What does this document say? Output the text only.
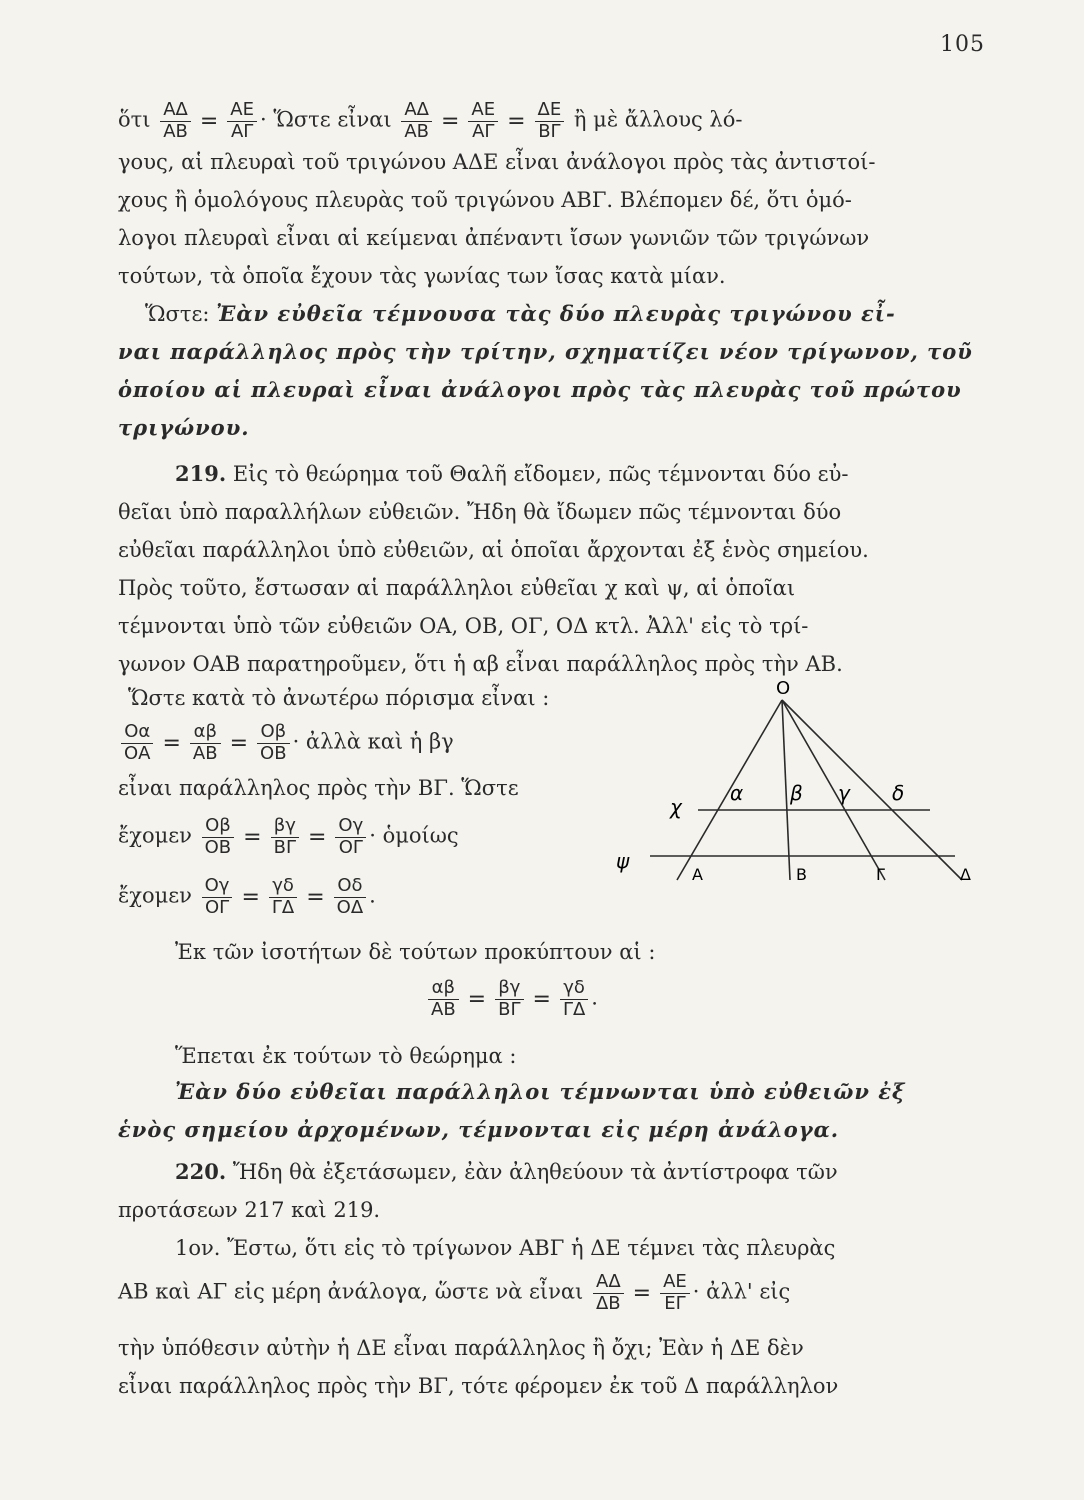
105
ὅτι $\frac{A\Delta}{AB} = \frac{AE}{A\Gamma}$ · Ὥστε εἶναι $\frac{A\Delta}{AB} = \frac{AE}{A\Gamma} = \frac{\Delta E}{B\Gamma}$ ἢ μὲ ἄλλους λό-
γους, αἱ πλευραὶ τοῦ τριγώνου ΑΔΕ εἶναι ἀνάλογοι πρὸς τὰς ἀντιστοί-
χους ἢ ὁμολόγους πλευρὰς τοῦ τριγώνου ΑΒΓ. Βλέπομεν δέ, ὅτι ὁμό-
λογοι πλευραὶ εἶναι αἱ κείμεναι ἀπέναντι ἴσων γωνιῶν τῶν τριγώνων
τούτων, τὰ ὁποῖα ἔχουν τὰς γωνίας των ἴσας κατὰ μίαν.
Ὥστε: Ἐὰν εὐθεῖα τέμνουσα τὰς δύο πλευρὰς τριγώνου εἶ-
ναι παράλληλος πρὸς τὴν τρίτην, σχηματίζει νέον τρίγωνον, τοῦ
ὁποίου αἱ πλευραὶ εἶναι ἀνάλογοι πρὸς τὰς πλευρὰς τοῦ πρώτου
τριγώνου.
219. Εἰς τὸ θεώρημα τοῦ Θαλῆ εἴδομεν, πῶς τέμνονται δύο εὐ-
θεῖαι ὑπὸ παραλλήλων εὐθειῶν. Ἤδη θὰ ἴδωμεν πῶς τέμνονται δύο
εὐθεῖαι παράλληλοι ὑπὸ εὐθειῶν, αἱ ὁποῖαι ἄρχονται ἐξ ἑνὸς σημείου.
Πρὸς τοῦτο, ἔστωσαν αἱ παράλληλοι εὐθεῖαι χ καὶ ψ, αἱ ὁποῖαι
τέμνονται ὑπὸ τῶν εὐθειῶν ΟΑ, ΟΒ, ΟΓ, ΟΔ κτλ. Ἀλλ' εἰς τὸ τρί-
γωνον ΟΑΒ παρατηροῦμεν, ὅτι ἡ αβ εἶναι παράλληλος πρὸς τὴν ΑΒ.
Ὥστε κατὰ τὸ ἀνωτέρω πόρισμα εἶναι :
$\frac{O\alpha}{OA} = \frac{\alpha\beta}{AB} = \frac{O\beta}{OB}$ · ἀλλὰ καὶ ἡ βγ
εἶναι παράλληλος πρὸς τὴν ΒΓ. Ὥστε
ἔχομεν $\frac{O\beta}{OB} = \frac{\beta\gamma}{B\Gamma} = \frac{O\gamma}{O\Gamma}$ · ὁμοίως
ἔχομεν $\frac{O\gamma}{O\Gamma} = \frac{\gamma\delta}{\Gamma\Delta} = \frac{O\delta}{O\Delta}$ .
Ἐκ τῶν ἰσοτήτων δὲ τούτων προκύπτουν αἱ :
$\frac{\alpha\beta}{AB} = \frac{\beta\gamma}{B\Gamma} = \frac{\gamma\delta}{\Gamma\Delta}$ .
Ἕπεται ἐκ τούτων τὸ θεώρημα :
Ἐὰν δύο εὐθεῖαι παράλληλοι τέμνωνται ὑπὸ εὐθειῶν ἐξ
ἑνὸς σημείου ἀρχομένων, τέμνονται εἰς μέρη ἀνάλογα.
220. Ἤδη θὰ ἐξετάσωμεν, ἐὰν ἀληθεύουν τὰ ἀντίστροφα τῶν
προτάσεων 217 καὶ 219.
1ον. Ἔστω, ὅτι εἰς τὸ τρίγωνον ΑΒΓ ἡ ΔΕ τέμνει τὰς πλευρὰς
ΑΒ καὶ ΑΓ εἰς μέρη ἀνάλογα, ὥστε νὰ εἶναι $\frac{A\Delta}{\Delta B} = \frac{AE}{E\Gamma}$ · ἀλλ' εἰς
τὴν ὑπόθεσιν αὐτὴν ἡ ΔΕ εἶναι παράλληλος ἢ ὄχι; Ἐὰν ἡ ΔΕ δὲν
εἶναι παράλληλος πρὸς τὴν ΒΓ, τότε φέρομεν ἐκ τοῦ Δ παράλληλον
Ο
χ
ψ
α β γ δ
Α	Β	Γ	Δ
